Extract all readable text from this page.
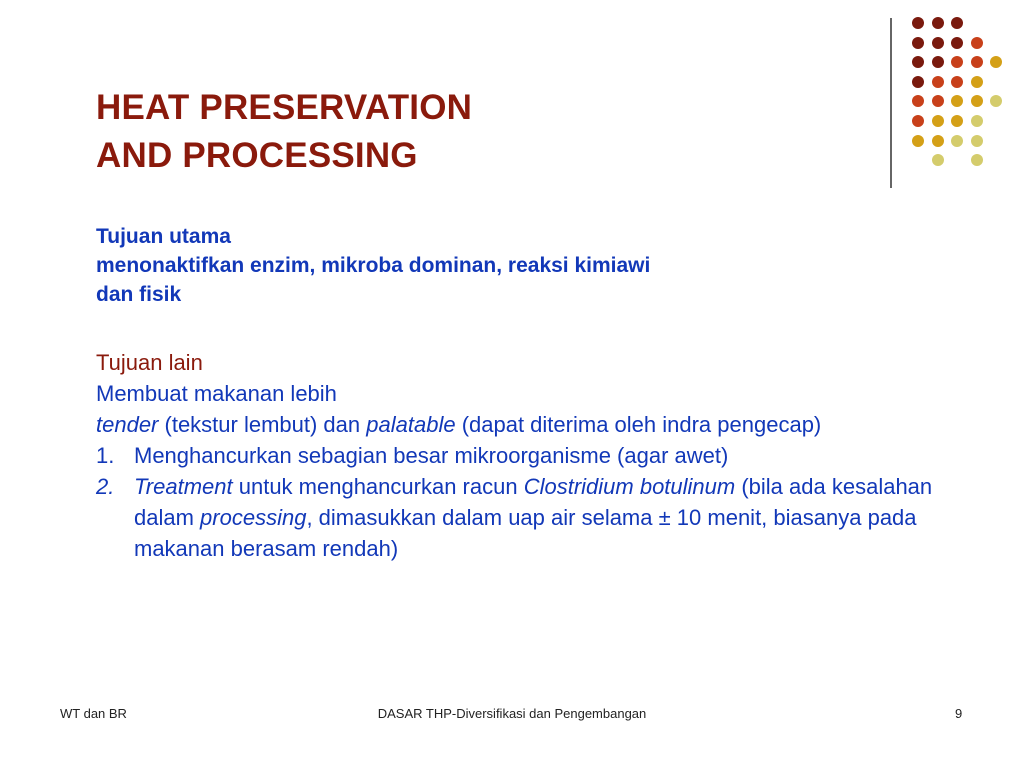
HEAT PRESERVATION
AND PROCESSING
Tujuan utama
menonaktifkan enzim, mikroba dominan, reaksi kimiawi
dan fisik
Tujuan lain
Membuat makanan lebih
tender (tekstur lembut) dan palatable (dapat diterima oleh indra pengecap)
1. Menghancurkan sebagian besar mikroorganisme (agar awet)
2. Treatment untuk menghancurkan racun Clostridium botulinum (bila ada kesalahan dalam processing, dimasukkan dalam uap air selama ± 10 menit, biasanya pada makanan berasam rendah)
WT dan BR	DASAR THP-Diversifikasi dan Pengembangan	9
